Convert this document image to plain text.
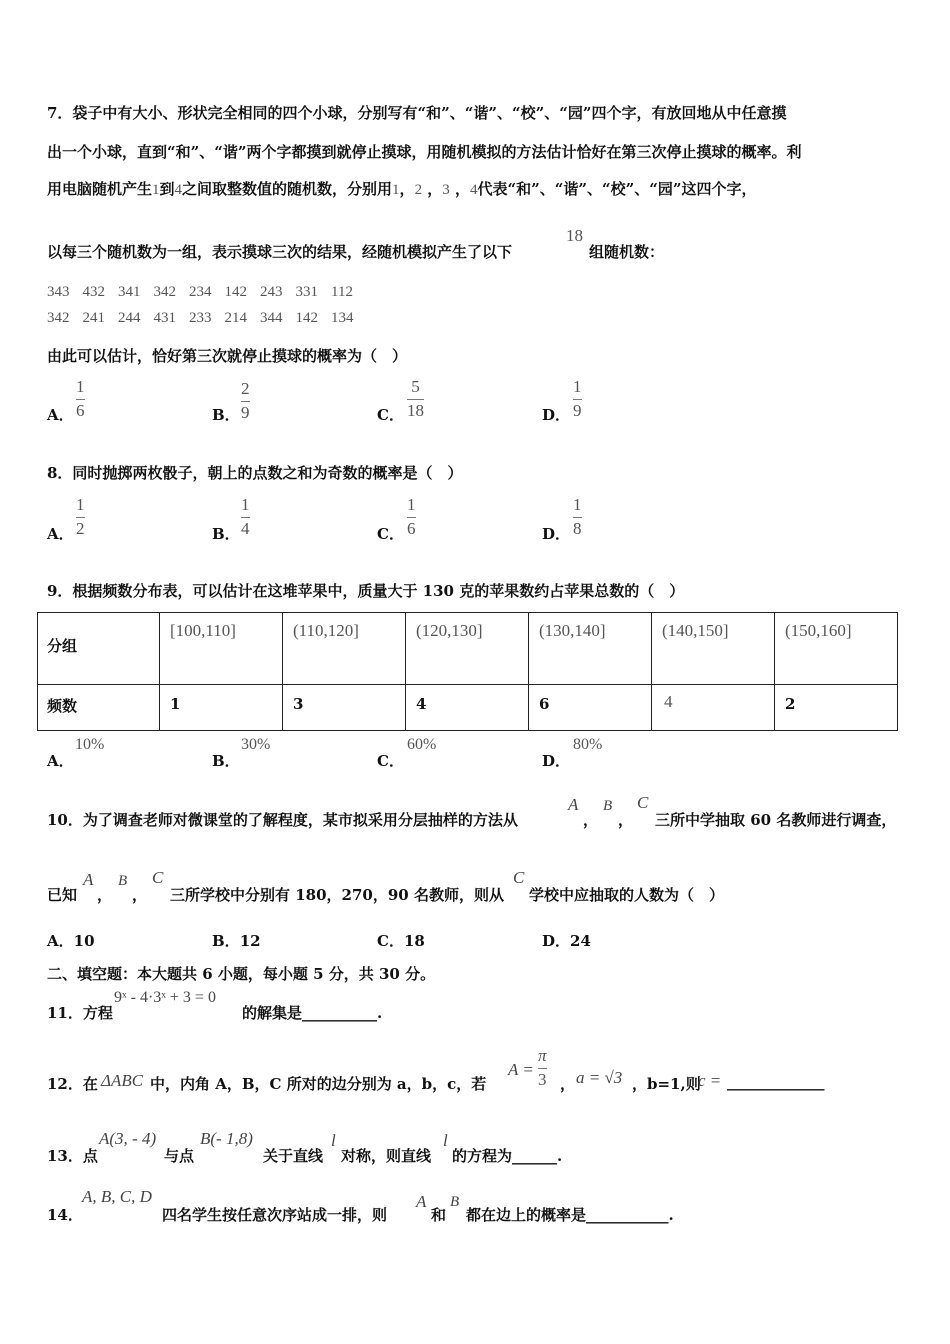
7．袋子中有大小、形状完全相同的四个小球，分别写有“和”、“谐”、“校”、“园”四个字，有放回地从中任意摸
出一个小球，直到“和”、“谐”两个字都摸到就停止摸球，用随机模拟的方法估计恰好在第三次停止摸球的概率。利
用电脑随机产生1到4之间取整数值的随机数，分别用1，2 ，3 ，4代表“和”、“谐”、“校”、“园”这四个字，
以每三个随机数为一组，表示摸球三次的结果，经随机模拟产生了以下
18
组随机数：
343 432 341 342 234 142 243 331 112
342 241 244 431 233 214 344 142 134
由此可以估计，恰好第三次就停止摸球的概率为（　）
A．
1
6	B．
2
9	C．
5
18	D．
1
9
8．同时抛掷两枚骰子，朝上的点数之和为奇数的概率是（　）
A．
1
2	B．
1
4	C．
1
6	D．
1
8
9．根据频数分布表，可以估计在这堆苹果中，质量大于 130 克的苹果数约占苹果总数的（　）
分组	[100,110]	(110,120]	(120,130]	(130,140]	(140,150]	(150,160]

频数	1	3	4	6	4	2
A．
10%
B．
30%
C．
60%
D．
80%
10．为了调查老师对微课堂的了解程度，某市拟采用分层抽样的方法从
A
，
B
，
C
三所中学抽取 60 名教师进行调查，
已知
A
，
B
，
C
三所学校中分别有 180，270，90 名教师，则从
C
学校中应抽取的人数为（　）
A．10	B．12	C．18	D．24
二、填空题：本大题共 6 小题，每小题 5 分，共 30 分。
11．方程
9ˣ - 4·3ˣ + 3 = 0
的解集是__________.
12．在 ΔABC 中，内角 A，B，C 所对的边分别为 a，b，c，若
A =
π
3 ， a = √3 ，b=1,则
c = _____________
13．点
A(3, - 4)
与点
B(- 1,8)
关于直线
l
对称，则直线
l
的方程为______.
14．
A, B, C, D
四名学生按任意次序站成一排，则
A
和
B
都在边上的概率是___________.
